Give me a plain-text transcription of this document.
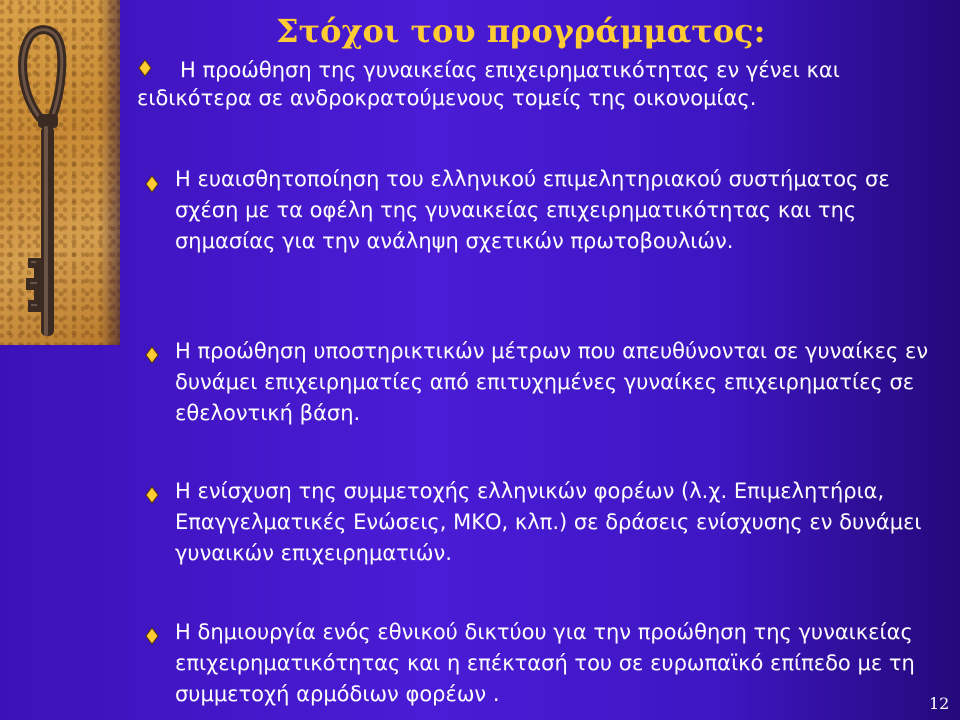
Στόχοι του προγράμματος:

Η προώθηση της γυναικείας επιχειρηματικότητας εν γένει και ειδικότερα σε ανδροκρατούμενους τομείς της οικονομίας.

Η ευαισθητοποίηση του ελληνικού επιμελητηριακού συστήματος σε σχέση με τα οφέλη της γυναικείας επιχειρηματικότητας και της σημασίας για την ανάληψη σχετικών πρωτοβουλιών.

Η προώθηση υποστηρικτικών μέτρων που απευθύνονται σε γυναίκες εν δυνάμει επιχειρηματίες από επιτυχημένες γυναίκες επιχειρηματίες σε εθελοντική βάση.

Η ενίσχυση της συμμετοχής ελληνικών φορέων (λ.χ. Επιμελητήρια, Επαγγελματικές Ενώσεις, ΜΚΟ, κλπ.) σε δράσεις ενίσχυσης εν δυνάμει γυναικών επιχειρηματιών.

Η δημιουργία ενός εθνικού δικτύου για την προώθηση της γυναικείας επιχειρηματικότητας και η επέκτασή του σε ευρωπαϊκό επίπεδο με τη συμμετοχή αρμόδιων φορέων .	12
